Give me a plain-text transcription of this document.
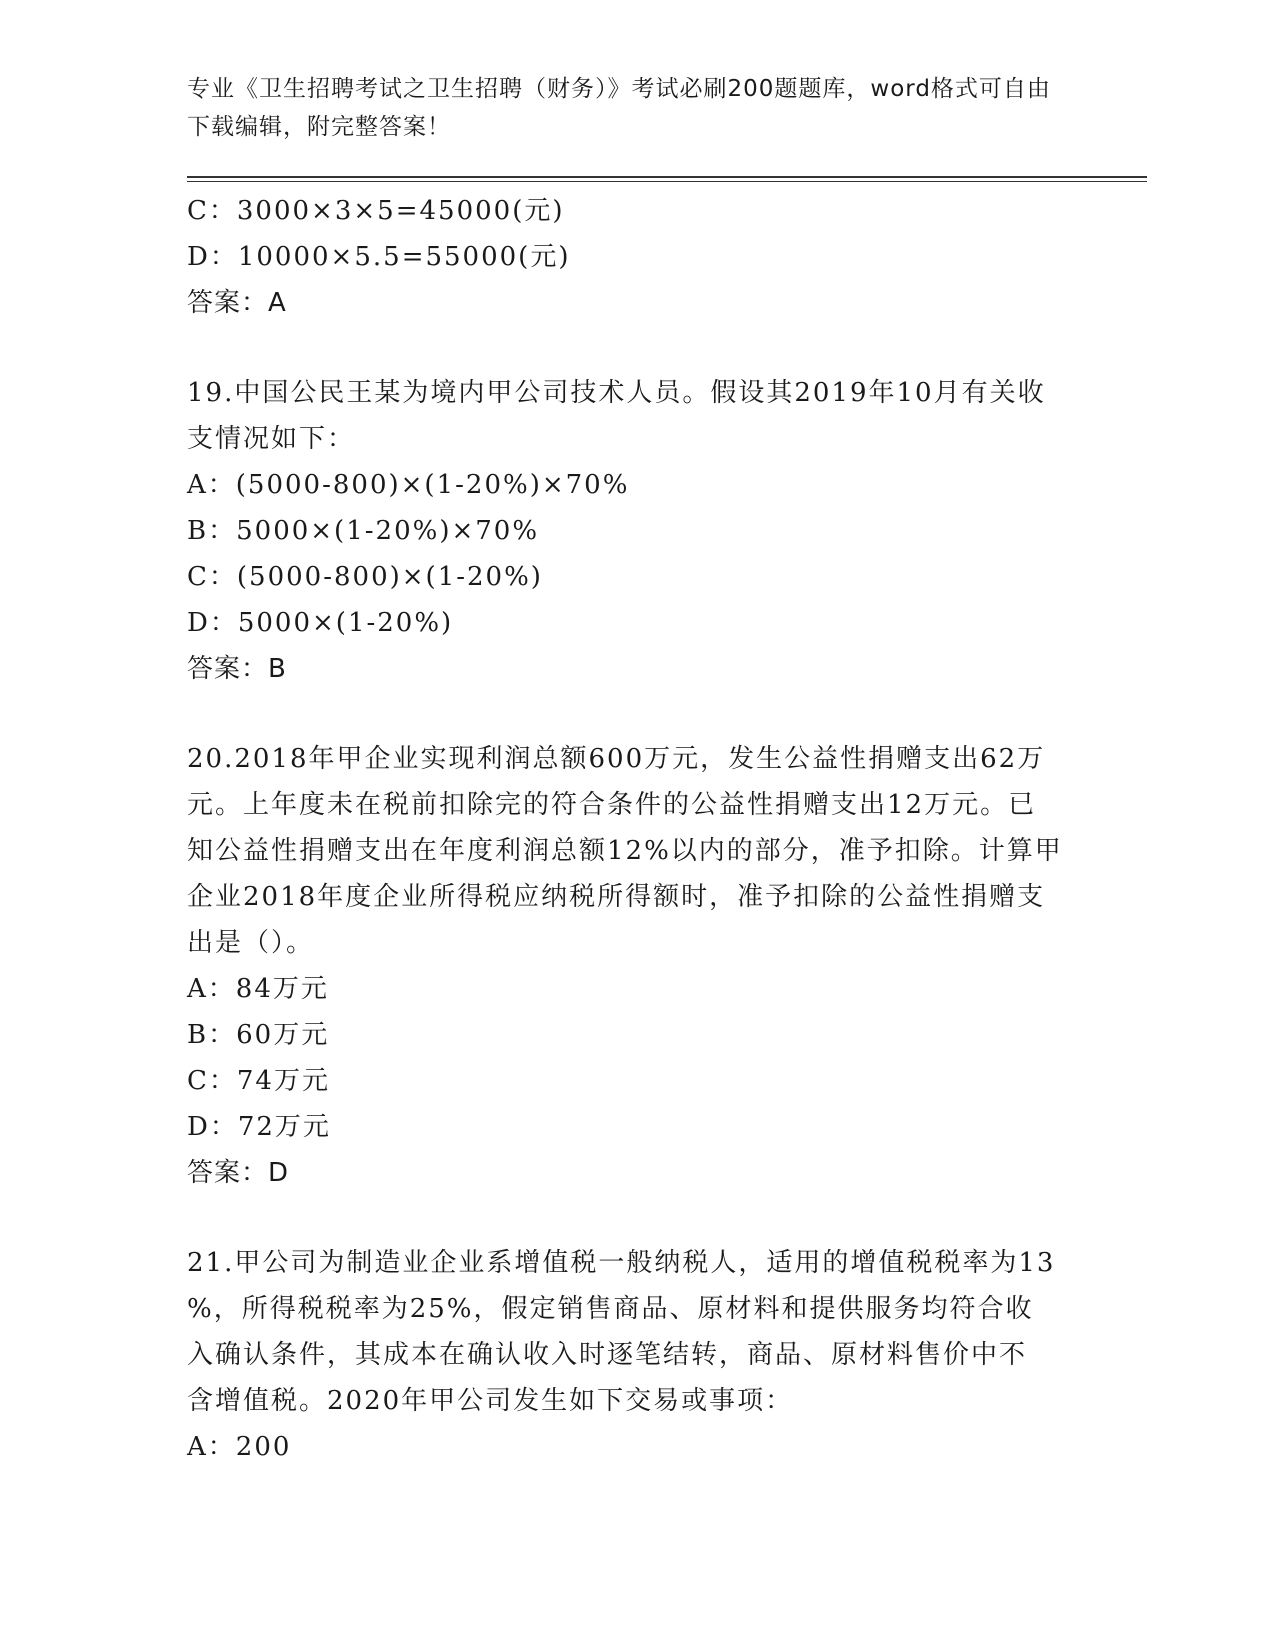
专业《卫生招聘考试之卫生招聘（财务）》考试必刷200题题库，word格式可自由下载编辑，附完整答案！
C：3000×3×5=45000(元)
D：10000×5.5=55000(元)
答案：A
19.中国公民王某为境内甲公司技术人员。假设其2019年10月有关收
支情况如下：
A：(5000-800)×(1-20%)×70%
B：5000×(1-20%)×70%
C：(5000-800)×(1-20%)
D：5000×(1-20%)
答案：B
20.2018年甲企业实现利润总额600万元，发生公益性捐赠支出62万
元。上年度未在税前扣除完的符合条件的公益性捐赠支出12万元。已
知公益性捐赠支出在年度利润总额12%以内的部分，准予扣除。计算甲
企业2018年度企业所得税应纳税所得额时，准予扣除的公益性捐赠支
出是（）。
A：84万元
B：60万元
C：74万元
D：72万元
答案：D
21.甲公司为制造业企业系增值税一般纳税人，适用的增值税税率为13
%，所得税税率为25%，假定销售商品、原材料和提供服务均符合收
入确认条件，其成本在确认收入时逐笔结转，商品、原材料售价中不
含增值税。2020年甲公司发生如下交易或事项：
A：200
